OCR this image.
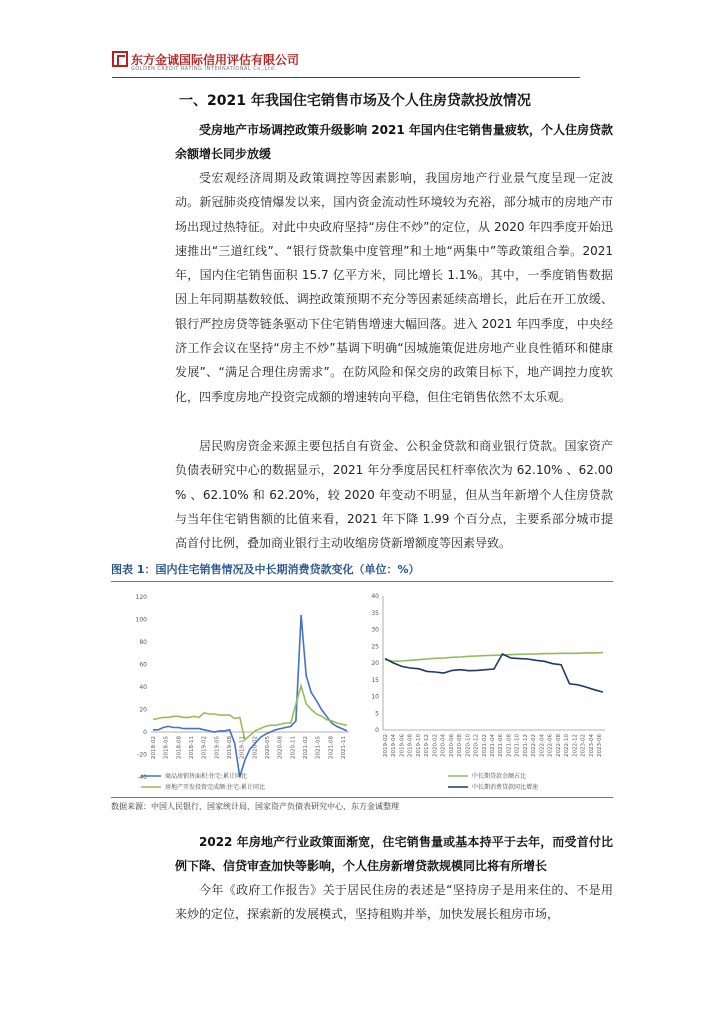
东方金诚国际信用评估有限公司
GOLDEN CREDIT RATING INTERNATIONAL Co.,Ltd.
一、2021 年我国住宅销售市场及个人住房贷款投放情况

受房地产市场调控政策升级影响 2021 年国内住宅销售量疲软，个人住房贷款余额增长同步放缓

受宏观经济周期及政策调控等因素影响，我国房地产行业景气度呈现一定波动。新冠肺炎疫情爆发以来，国内资金流动性环境较为充裕，部分城市的房地产市场出现过热特征。对此中央政府坚持“房住不炒”的定位，从 2020 年四季度开始迅速推出“三道红线”、“银行贷款集中度管理”和土地“两集中”等政策组合拳。2021 年，国内住宅销售面积 15.7 亿平方米，同比增长 1.1%。其中，一季度销售数据因上年同期基数较低、调控政策预期不充分等因素延续高增长，此后在开工放缓、银行严控房贷等链条驱动下住宅销售增速大幅回落。进入 2021 年四季度，中央经济工作会议在坚持“房主不炒”基调下明确“因城施策促进房地产业良性循环和健康发展”、“满足合理住房需求”。在防风险和保交房的政策目标下，地产调控力度软化，四季度房地产投资完成额的增速转向平稳，但住宅销售依然不太乐观。

居民购房资金来源主要包括自有资金、公积金贷款和商业银行贷款。国家资产负债表研究中心的数据显示，2021 年分季度居民杠杆率依次为 62.10% 、62.00 % 、62.10% 和 62.20%，较 2020 年变动不明显，但从当年新增个人住房贷款与当年住宅销售额的比值来看，2021 年下降 1.99 个百分点，主要系部分城市提高首付比例，叠加商业银行主动收缩房贷新增额度等因素导致。

图表 1：国内住宅销售情况及中长期消费贷款变化（单位：%）
120
100
80
60
40
20
0
-20
-40
2018-02 2018-05 2018-08 2018-11 2019-02 2019-05 2019-08 2019-11 2020-02 2020-05 2020-08 2020-11 2021-02 2021-05 2021-08 2021-11
商品房销售面积:住宅:累计同比
房地产开发投资完成额:住宅:累计同比
40
35
30
25
20
15
10
5
0
2019-02 2019-04 2019-06 2019-08 2019-10 2019-12 2020-02 2020-04 2020-06 2020-08 2020-10 2020-12 2021-02 2021-04 2021-06 2021-08 2021-10 2021-12 2022-02 2022-04 2022-06 2022-08 2022-10 2022-12 2023-02 2023-04 2023-06
中长期贷款余额占比
中长期消费贷款同比增速
数据来源：中国人民银行、国家统计局、国家资产负债表研究中心，东方金诚整理

2022 年房地产行业政策面渐宽，住宅销售量或基本持平于去年，而受首付比例下降、信贷审查加快等影响，个人住房新增贷款规模同比将有所增长

今年《政府工作报告》关于居民住房的表述是“坚持房子是用来住的、不是用来炒的定位，探索新的发展模式，坚持租购并举，加快发展长租房市场，
